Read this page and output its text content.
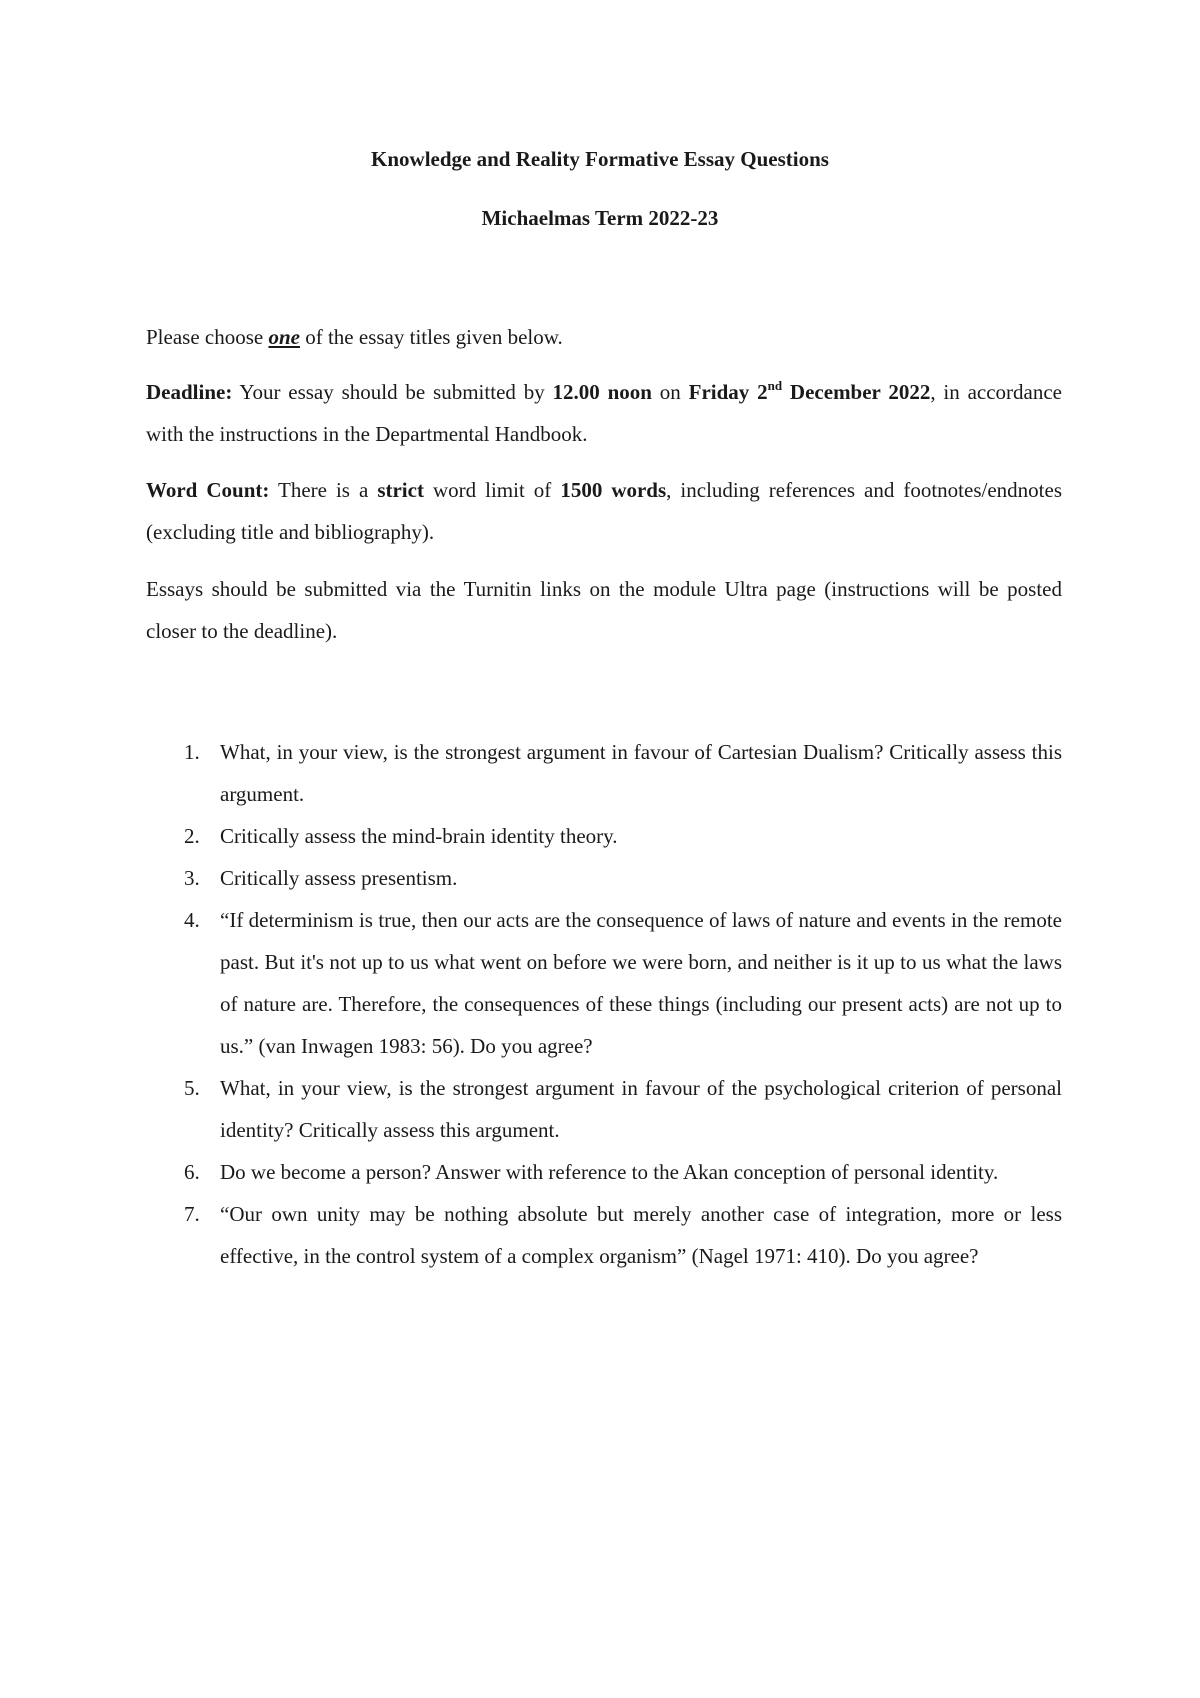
Knowledge and Reality Formative Essay Questions

Michaelmas Term 2022-23

Please choose one of the essay titles given below.

Deadline: Your essay should be submitted by 12.00 noon on Friday 2nd December 2022, in accordance with the instructions in the Departmental Handbook.

Word Count: There is a strict word limit of 1500 words, including references and footnotes/endnotes (excluding title and bibliography).

Essays should be submitted via the Turnitin links on the module Ultra page (instructions will be posted closer to the deadline).

1. What, in your view, is the strongest argument in favour of Cartesian Dualism? Critically assess this argument.
2. Critically assess the mind-brain identity theory.
3. Critically assess presentism.
4. “If determinism is true, then our acts are the consequence of laws of nature and events in the remote past. But it's not up to us what went on before we were born, and neither is it up to us what the laws of nature are. Therefore, the consequences of these things (including our present acts) are not up to us.” (van Inwagen 1983: 56). Do you agree?
5. What, in your view, is the strongest argument in favour of the psychological criterion of personal identity? Critically assess this argument.
6. Do we become a person? Answer with reference to the Akan conception of personal identity.
7. “Our own unity may be nothing absolute but merely another case of integration, more or less effective, in the control system of a complex organism” (Nagel 1971: 410). Do you agree?
